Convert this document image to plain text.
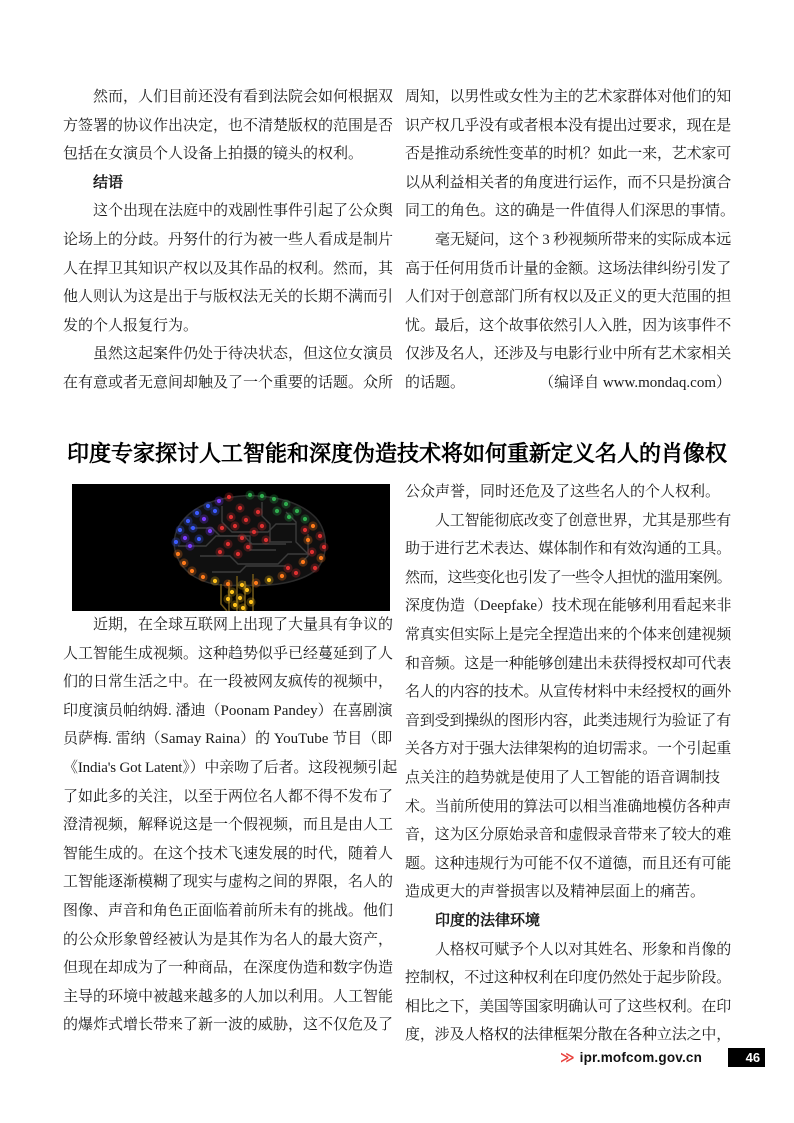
然而，人们目前还没有看到法院会如何根据双
方签署的协议作出决定，也不清楚版权的范围是否
包括在女演员个人设备上拍摄的镜头的权利。
结语
这个出现在法庭中的戏剧性事件引起了公众舆
论场上的分歧。丹努什的行为被一些人看成是制片
人在捍卫其知识产权以及其作品的权利。然而，其
他人则认为这是出于与版权法无关的长期不满而引
发的个人报复行为。
虽然这起案件仍处于待决状态，但这位女演员
在有意或者无意间却触及了一个重要的话题。众所
周知，以男性或女性为主的艺术家群体对他们的知
识产权几乎没有或者根本没有提出过要求，现在是
否是推动系统性变革的时机？如此一来，艺术家可
以从利益相关者的角度进行运作，而不只是扮演合
同工的角色。这的确是一件值得人们深思的事情。
毫无疑问，这个 3 秒视频所带来的实际成本远
高于任何用货币计量的金额。这场法律纠纷引发了
人们对于创意部门所有权以及正义的更大范围的担
忧。最后，这个故事依然引人入胜，因为该事件不
仅涉及名人，还涉及与电影行业中所有艺术家相关
的话题。	（编译自 www.mondaq.com）
印度专家探讨人工智能和深度伪造技术将如何重新定义名人的肖像权
近期，在全球互联网上出现了大量具有争议的
人工智能生成视频。这种趋势似乎已经蔓延到了人
们的日常生活之中。在一段被网友疯传的视频中，
印度演员帕纳姆. 潘迪（Poonam Pandey）在喜剧演
员萨梅. 雷纳（Samay Raina）的 YouTube 节目（即
《India's Got Latent》）中亲吻了后者。这段视频引起
了如此多的关注，以至于两位名人都不得不发布了
澄清视频，解释说这是一个假视频，而且是由人工
智能生成的。在这个技术飞速发展的时代，随着人
工智能逐渐模糊了现实与虚构之间的界限，名人的
图像、声音和角色正面临着前所未有的挑战。他们
的公众形象曾经被认为是其作为名人的最大资产，
但现在却成为了一种商品，在深度伪造和数字伪造
主导的环境中被越来越多的人加以利用。人工智能
的爆炸式增长带来了新一波的威胁，这不仅危及了
公众声誉，同时还危及了这些名人的个人权利。
人工智能彻底改变了创意世界，尤其是那些有
助于进行艺术表达、媒体制作和有效沟通的工具。
然而，这些变化也引发了一些令人担忧的滥用案例。
深度伪造（Deepfake）技术现在能够利用看起来非
常真实但实际上是完全捏造出来的个体来创建视频
和音频。这是一种能够创建出未获得授权却可代表
名人的内容的技术。从宣传材料中未经授权的画外
音到受到操纵的图形内容，此类违规行为验证了有
关各方对于强大法律架构的迫切需求。一个引起重
点关注的趋势就是使用了人工智能的语音调制技
术。当前所使用的算法可以相当准确地模仿各种声
音，这为区分原始录音和虚假录音带来了较大的难
题。这种违规行为可能不仅不道德，而且还有可能
造成更大的声誉损害以及精神层面上的痛苦。
印度的法律环境
人格权可赋予个人以对其姓名、形象和肖像的
控制权，不过这种权利在印度仍然处于起步阶段。
相比之下，美国等国家明确认可了这些权利。在印
度，涉及人格权的法律框架分散在各种立法之中，
≫ ipr.mofcom.gov.cn	46
